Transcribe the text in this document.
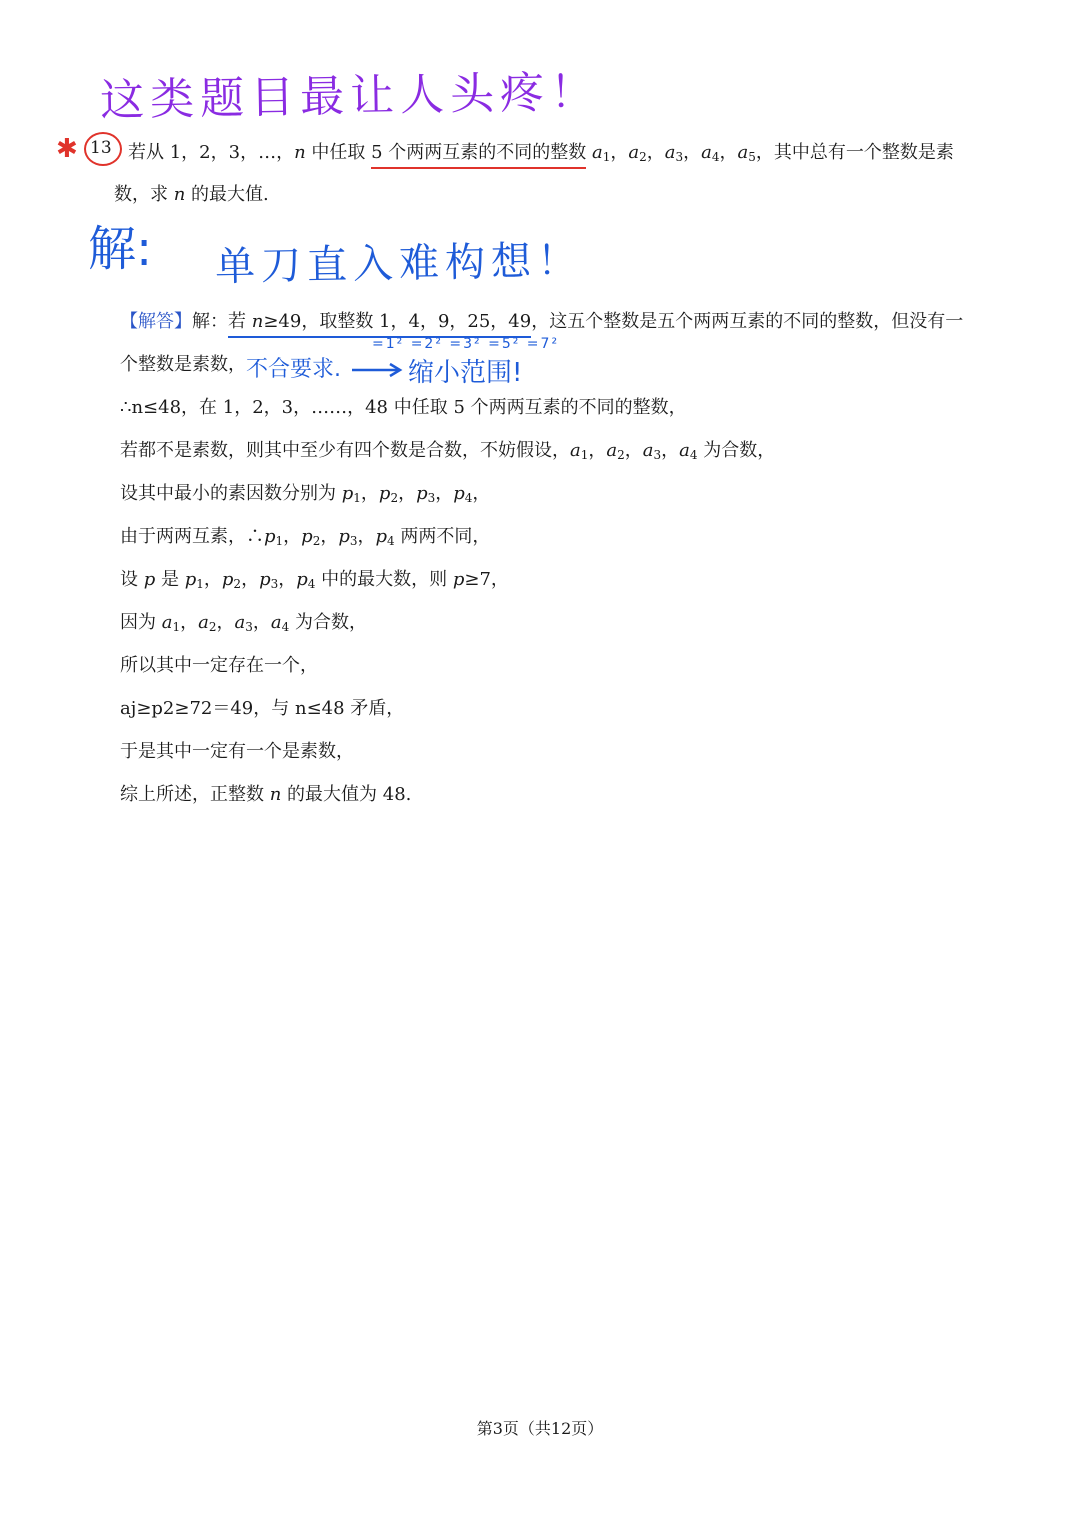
这类题目最让人头疼！
✱ 13 若从 1，2，3，…，n 中任取 5 个两两互素的不同的整数 $a_1$，$a_2$，$a_3$，$a_4$，$a_5$，其中总有一个整数是素
数，求 n 的最大值.
解: 单刀直入难构想！
【解答】解：若 n≥49，取整数 1，4，9，25，49，这五个整数是五个两两互素的不同的整数，但没有一
=1² =2² =3² =5² =7²
个整数是素数， 不合要求.	缩小范围!
∴n≤48，在 1，2，3，……，48 中任取 5 个两两互素的不同的整数，
若都不是素数，则其中至少有四个数是合数，不妨假设，$a_1$，$a_2$，$a_3$，$a_4$ 为合数，
设其中最小的素因数分别为 $p_1$，$p_2$，$p_3$，$p_4$，
由于两两互素，$\therefore p_1$，$p_2$，$p_3$，$p_4$ 两两不同，
设 p 是 $p_1$，$p_2$，$p_3$，$p_4$ 中的最大数，则 p≥7，
因为 $a_1$，$a_2$，$a_3$，$a_4$ 为合数，
所以其中一定存在一个，
aj≥p2≥72＝49，与 n≤48 矛盾，
于是其中一定有一个是素数，
综上所述，正整数 n 的最大值为 48.
第3页（共12页）
